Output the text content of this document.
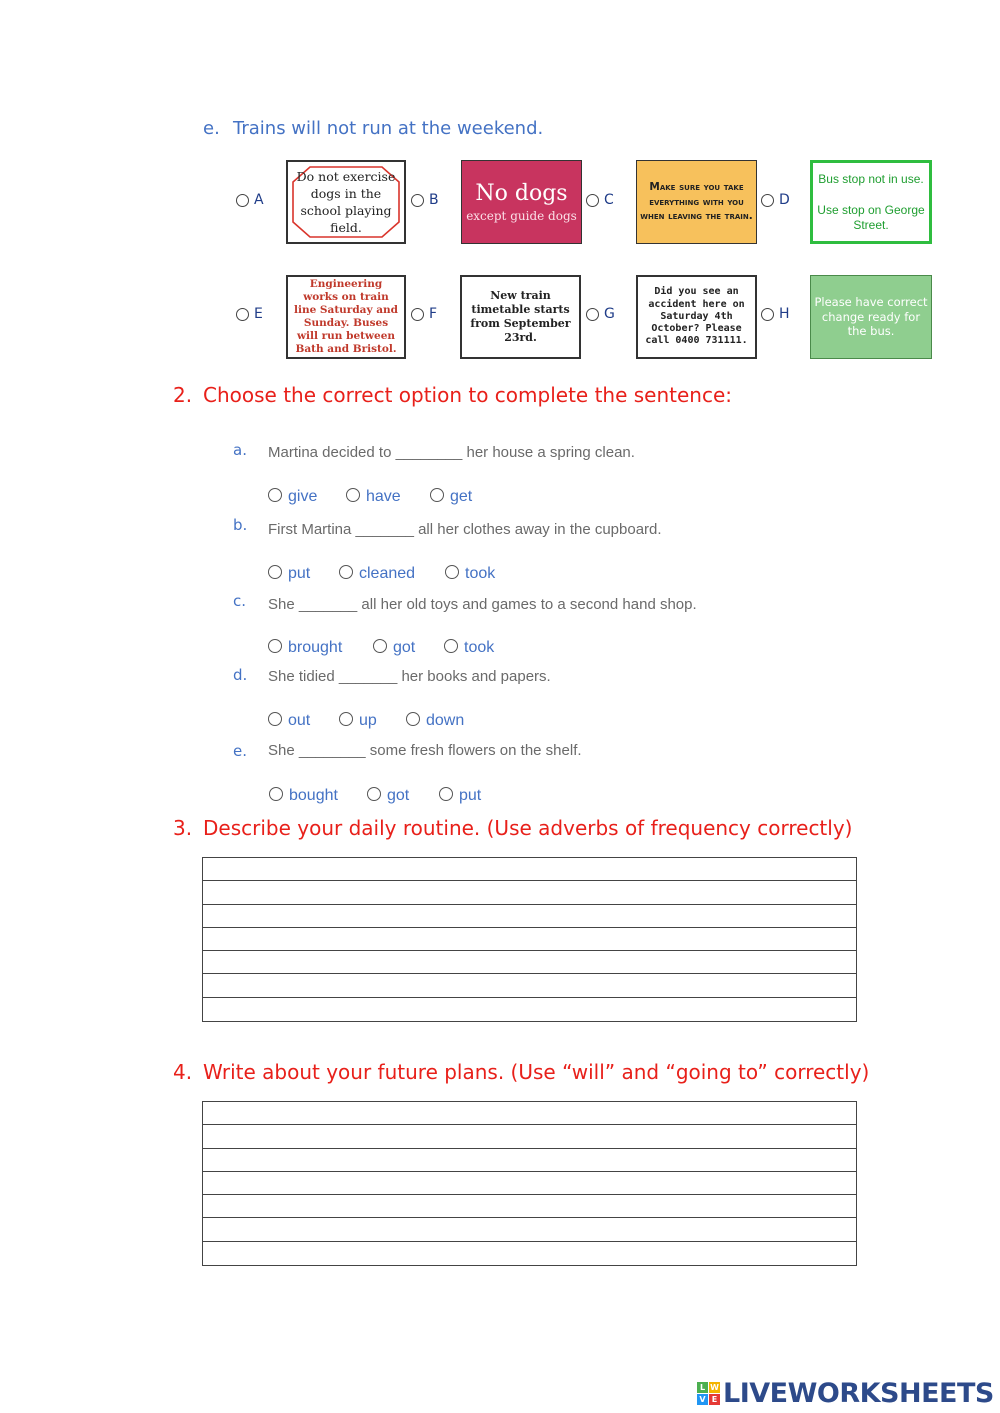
e. Trains will not run at the weekend.
A	B	C	D
E	F	G	H
Do not exercise dogs in the school playing field.
No dogs
except guide dogs
Make sure you take everything with you when leaving the train.
Bus stop not in use.
Use stop on George Street.
Engineering works on train line Saturday and Sunday. Buses will run between Bath and Bristol.
New train timetable starts from September 23rd.
Did you see an accident here on Saturday 4th October? Please call 0400 731111.
Please have correct change ready for the bus.
2. Choose the correct option to complete the sentence:
a. Martina decided to ________ her house a spring clean.
give	have	get
b. First Martina _______ all her clothes away in the cupboard.
put	cleaned	took
c. She _______ all her old toys and games to a second hand shop.
brought	got	took
d. She tidied _______ her books and papers.
out	up	down
e. She ________ some fresh flowers on the shelf.
bought	got	put
3. Describe your daily routine. (Use adverbs of frequency correctly)
4. Write about your future plans. (Use “will” and “going to” correctly)
L W
V E LIVEWORKSHEETS
